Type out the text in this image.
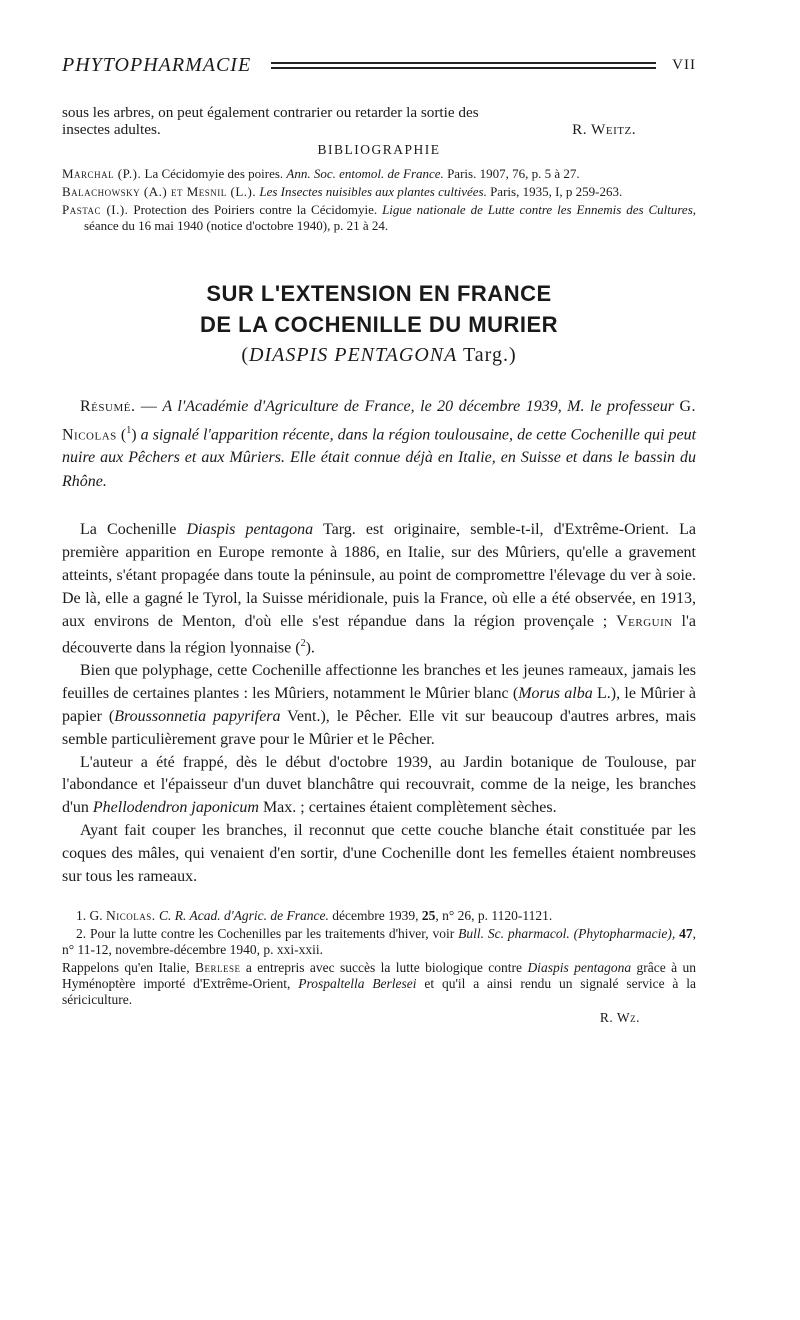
PHYTOPHARMACIE	VII

sous les arbres, on peut également contrarier ou retarder la sortie des

insectes adultes.	R. Weitz.
BIBLIOGRAPHIE

Marchal (P.). La Cécidomyie des poires. Ann. Soc. entomol. de France. Paris. 1907, 76, p. 5 à 27.

Balachowsky (A.) et Mesnil (L.). Les Insectes nuisibles aux plantes cultivées. Paris, 1935, I, p 259-263.

Pastac (I.). Protection des Poiriers contre la Cécidomyie. Ligue nationale de Lutte contre les Ennemis des Cultures, séance du 16 mai 1940 (notice d'octobre 1940), p. 21 à 24.

SUR L'EXTENSION EN FRANCE
DE LA COCHENILLE DU MURIER
(DIASPIS PENTAGONA Targ.)

Résumé. — A l'Académie d'Agriculture de France, le 20 décembre 1939, M. le professeur G. Nicolas ($^1$) a signalé l'apparition récente, dans la région toulousaine, de cette Cochenille qui peut nuire aux Pêchers et aux Mûriers. Elle était connue déjà en Italie, en Suisse et dans le bassin du Rhône.

La Cochenille Diaspis pentagona Targ. est originaire, semble-t-il, d'Extrême-Orient. La première apparition en Europe remonte à 1886, en Italie, sur des Mûriers, qu'elle a gravement atteints, s'étant propagée dans toute la péninsule, au point de compromettre l'élevage du ver à soie. De là, elle a gagné le Tyrol, la Suisse méridionale, puis la France, où elle a été observée, en 1913, aux environs de Menton, d'où elle s'est répandue dans la région provençale ; Verguin l'a découverte dans la région lyonnaise ($^2$).

Bien que polyphage, cette Cochenille affectionne les branches et les jeunes rameaux, jamais les feuilles de certaines plantes : les Mûriers, notamment le Mûrier blanc (Morus alba L.), le Mûrier à papier (Broussonnetia papyrifera Vent.), le Pêcher. Elle vit sur beaucoup d'autres arbres, mais semble particulièrement grave pour le Mûrier et le Pêcher.

L'auteur a été frappé, dès le début d'octobre 1939, au Jardin botanique de Toulouse, par l'abondance et l'épaisseur d'un duvet blanchâtre qui recouvrait, comme de la neige, les branches d'un Phellodendron japonicum Max. ; certaines étaient complètement sèches.

Ayant fait couper les branches, il reconnut que cette couche blanche était constituée par les coques des mâles, qui venaient d'en sortir, d'une Cochenille dont les femelles étaient nombreuses sur tous les rameaux.

1. G. Nicolas. C. R. Acad. d'Agric. de France. décembre 1939, 25, n° 26, p. 1120-1121.

2. Pour la lutte contre les Cochenilles par les traitements d'hiver, voir Bull. Sc. pharmacol. (Phytopharmacie), 47, n° 11-12, novembre-décembre 1940, p. xxi-xxii.

Rappelons qu'en Italie, Berlese a entrepris avec succès la lutte biologique contre Diaspis pentagona grâce à un Hyménoptère importé d'Extrême-Orient, Prospaltella Berlesei et qu'il a ainsi rendu un signalé service à la sériciculture.

R. Wz.
